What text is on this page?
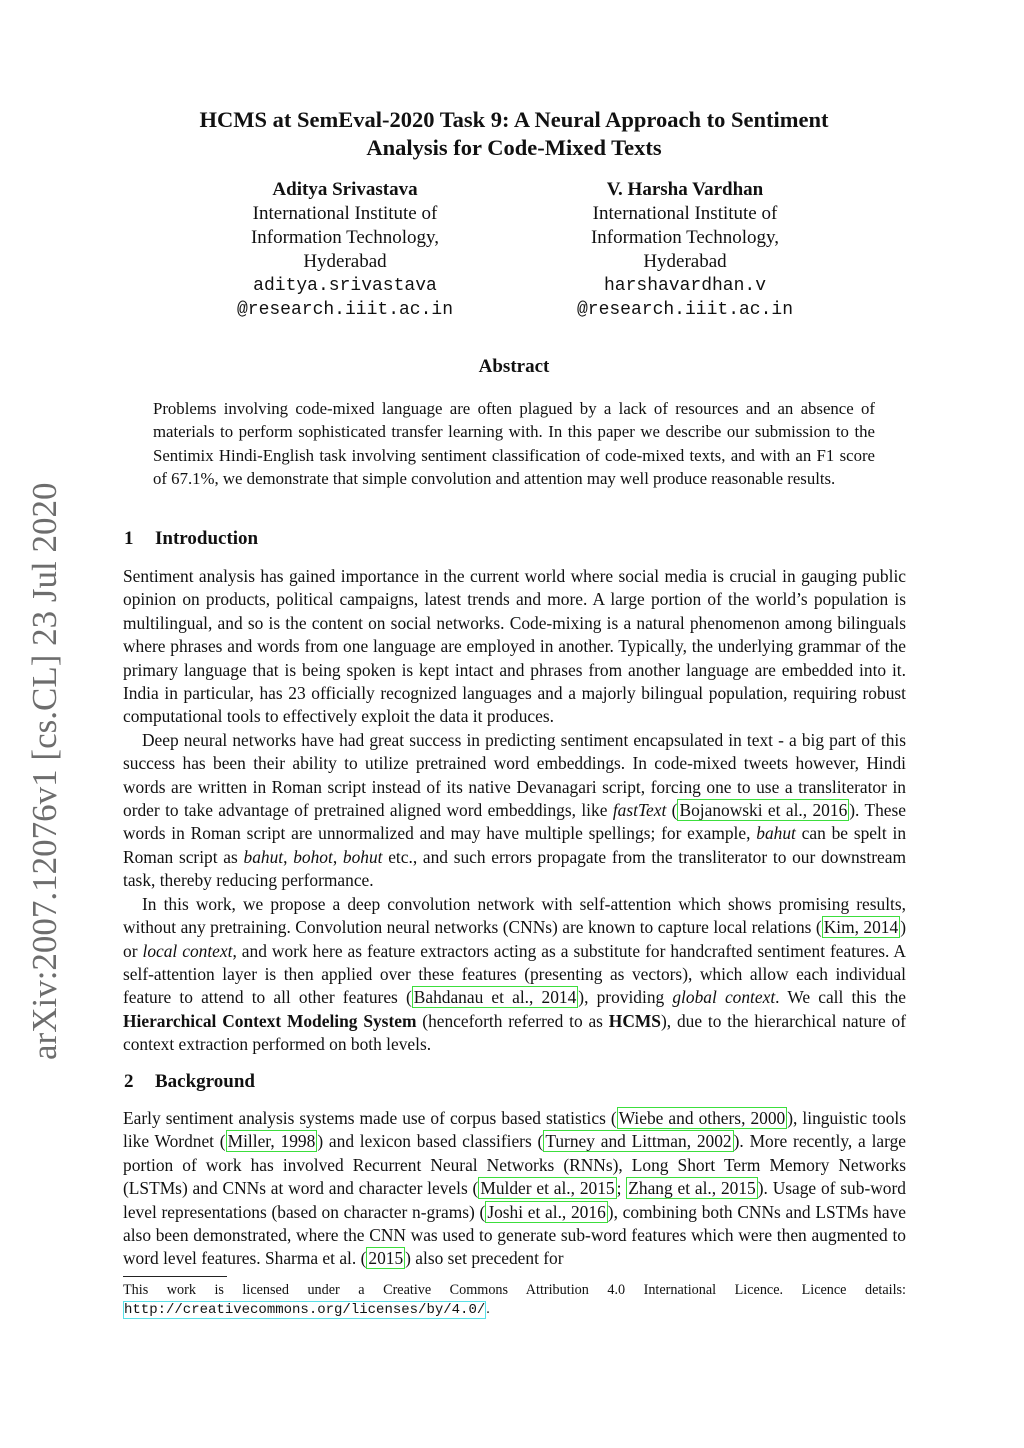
arXiv:2007.12076v1 [cs.CL] 23 Jul 2020
HCMS at SemEval-2020 Task 9: A Neural Approach to Sentiment
Analysis for Code-Mixed Texts
Aditya Srivastava
International Institute of
Information Technology,
Hyderabad
aditya.srivastava
@research.iiit.ac.in
V. Harsha Vardhan
International Institute of
Information Technology,
Hyderabad
harshavardhan.v
@research.iiit.ac.in
Abstract
Problems involving code-mixed language are often plagued by a lack of resources and an absence of materials to perform sophisticated transfer learning with. In this paper we describe our submission to the Sentimix Hindi-English task involving sentiment classification of code-mixed texts, and with an F1 score of 67.1%, we demonstrate that simple convolution and attention may well produce reasonable results.
1 Introduction

Sentiment analysis has gained importance in the current world where social media is crucial in gauging public opinion on products, political campaigns, latest trends and more. A large portion of the world’s population is multilingual, and so is the content on social networks. Code-mixing is a natural phenomenon among bilinguals where phrases and words from one language are employed in another. Typically, the underlying grammar of the primary language that is being spoken is kept intact and phrases from another language are embedded into it. India in particular, has 23 officially recognized languages and a majorly bilingual population, requiring robust computational tools to effectively exploit the data it produces.

Deep neural networks have had great success in predicting sentiment encapsulated in text - a big part of this success has been their ability to utilize pretrained word embeddings. In code-mixed tweets however, Hindi words are written in Roman script instead of its native Devanagari script, forcing one to use a transliterator in order to take advantage of pretrained aligned word embeddings, like fastText ( Bojanowski et al., 2016 ). These words in Roman script are unnormalized and may have multiple spellings; for example, bahut can be spelt in Roman script as bahut, bohot, bohut etc., and such errors propagate from the transliterator to our downstream task, thereby reducing performance.

In this work, we propose a deep convolution network with self-attention which shows promising results, without any pretraining. Convolution neural networks (CNNs) are known to capture local relations ( Kim, 2014 ) or local context, and work here as feature extractors acting as a substitute for handcrafted sentiment features. A self-attention layer is then applied over these features (presenting as vectors), which allow each individual feature to attend to all other features ( Bahdanau et al., 2014 ), providing global context. We call this the Hierarchical Context Modeling System (henceforth referred to as HCMS), due to the hierarchical nature of context extraction performed on both levels.

2 Background

Early sentiment analysis systems made use of corpus based statistics ( Wiebe and others, 2000 ), linguistic tools like Wordnet ( Miller, 1998 ) and lexicon based classifiers ( Turney and Littman, 2002 ). More recently, a large portion of work has involved Recurrent Neural Networks (RNNs), Long Short Term Memory Networks (LSTMs) and CNNs at word and character levels ( Mulder et al., 2015 ; Zhang et al., 2015 ). Usage of sub-word level representations (based on character n-grams) ( Joshi et al., 2016 ), combining both CNNs and LSTMs have also been demonstrated, where the CNN was used to generate sub-word features which were then augmented to word level features. Sharma et al. ( 2015 ) also set precedent for

This work is licensed under a Creative Commons Attribution 4.0 International Licence. Licence details: http://creativecommons.org/licenses/by/4.0/.
